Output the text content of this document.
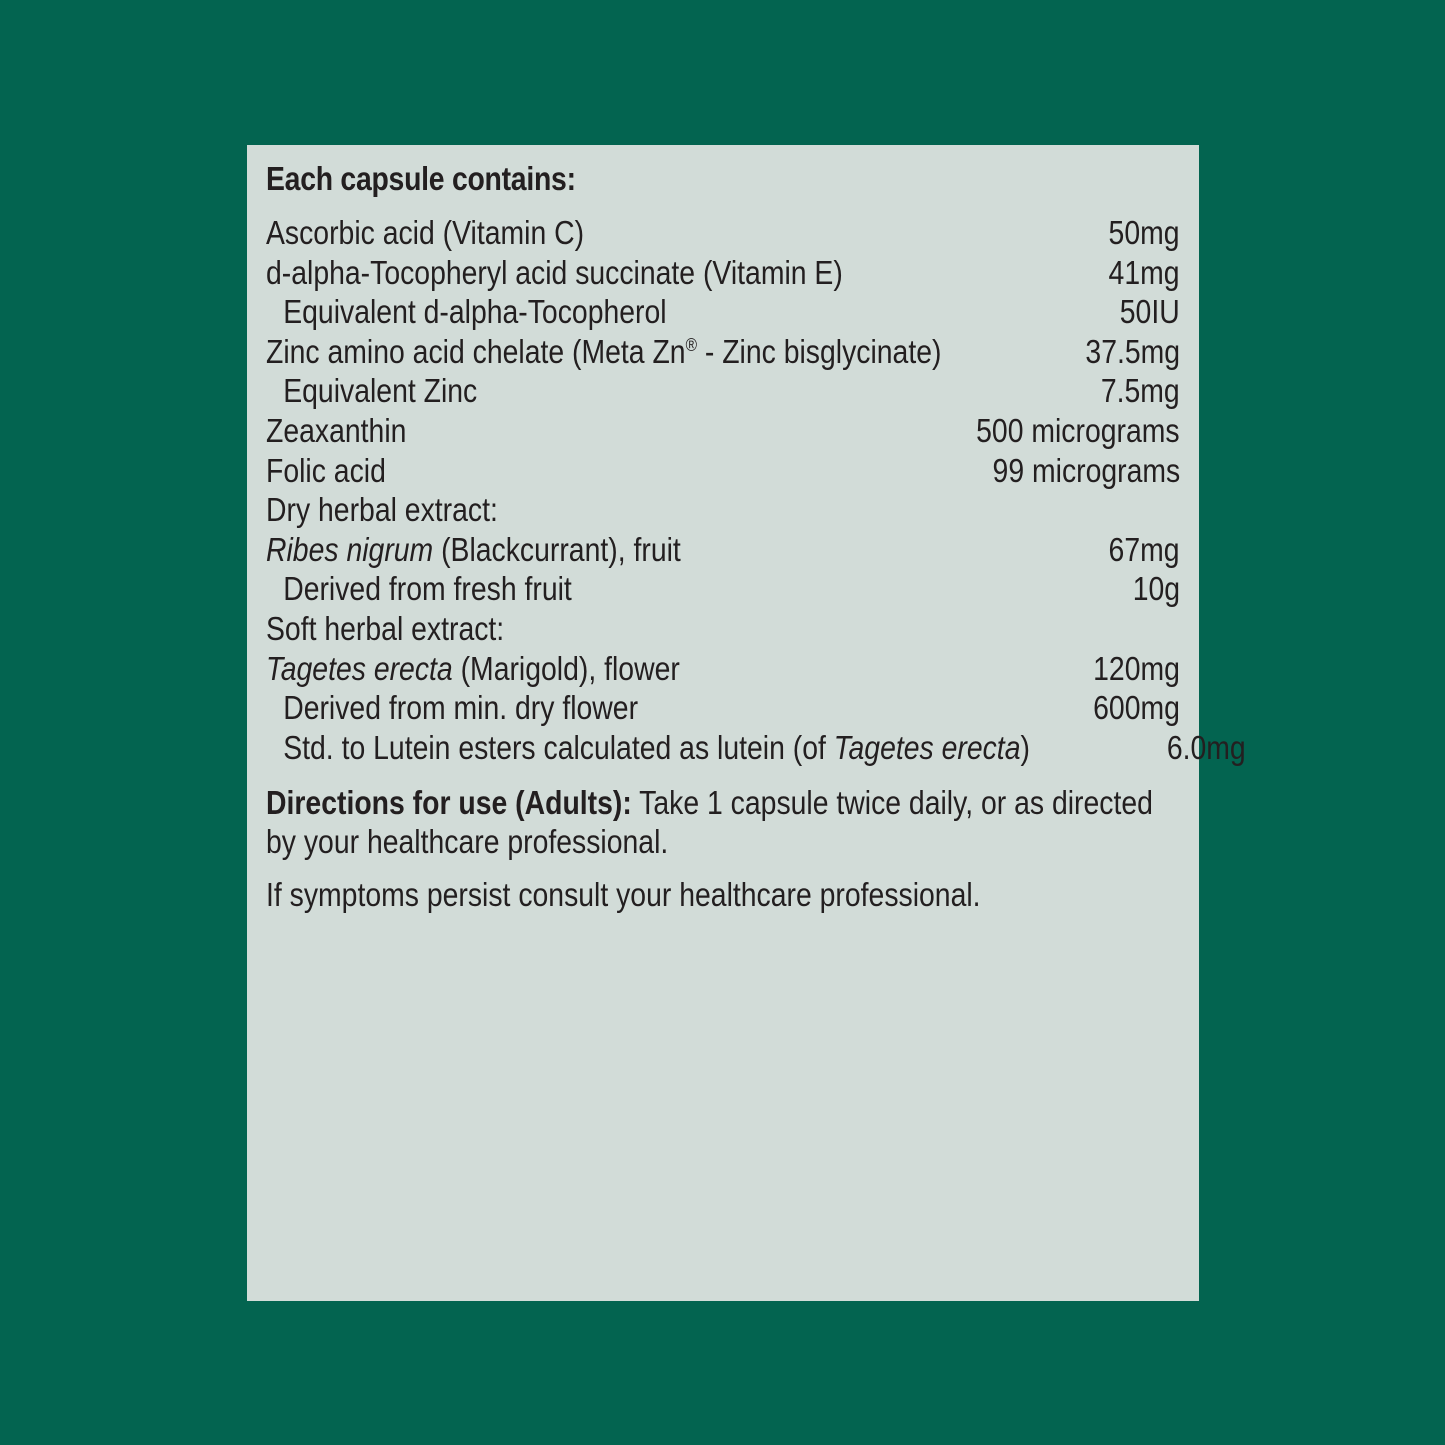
Each capsule contains:
Ascorbic acid (Vitamin C)	50mg
d-alpha-Tocopheryl acid succinate (Vitamin E)	41mg
Equivalent d-alpha-Tocopherol	50IU
Zinc amino acid chelate (Meta Zn® - Zinc bisglycinate)	37.5mg
Equivalent Zinc	7.5mg
Zeaxanthin	500 micrograms
Folic acid	99 micrograms
Dry herbal extract:
Ribes nigrum (Blackcurrant), fruit	67mg
Derived from fresh fruit	10g
Soft herbal extract:
Tagetes erecta (Marigold), flower	120mg
Derived from min. dry flower	600mg
Std. to Lutein esters calculated as lutein (of Tagetes erecta)	6.0mg
Directions for use (Adults): Take 1 capsule twice daily, or as directed by your healthcare professional.
If symptoms persist consult your healthcare professional.
